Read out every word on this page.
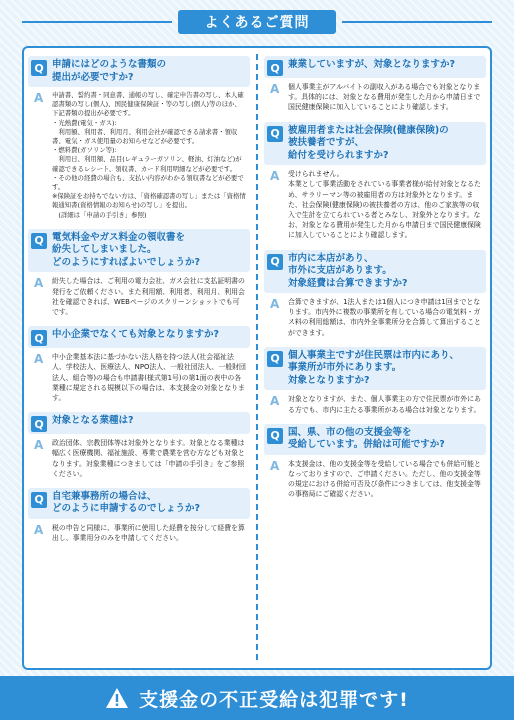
よくあるご質問
Q 申請にはどのような書類の
提出が必要ですか?
A 申請書、誓約書・同意書、通帳の写し、確定申告書の写し、本人確認書類の写し(個人)、国民健康保険証・等の写し(個人)等のほか、下記書類の提出が必要です。
・光熱費(電気・ガス):
　利用額、利用者、利用月、利用会社が確認できる請求書・領収書、電気・ガス使用量のお知らせなどが必要です。
・燃料費(ガソリン等):
　利用日、利用額、品目(レギュラーガソリン、軽油、灯油など)が確認できるレシート、領収書、カード利用明細などが必要です。
・その他の経費の場合も、支払い内容がわかる領収書などが必要です。
※保険証をお持ちでない方は、「資格確認書の写し」または「資格情報通知書(資格情報のお知らせ)の写し」を提出。
　(詳細は「申請の手引き」参照)
Q 電気料金やガス料金の領収書を
紛失してしまいました。
どのようにすればよいでしょうか?
A 紛失した場合は、ご利用の電力会社、ガス会社に支払証明書の発行をご依頼ください。また利用額、利用者、利用月、利用会社を確認できれば、WEBページのスクリーンショットでも可です。
Q 中小企業でなくても対象となりますか?
A 中小企業基本法に基づかない法人格を持つ法人(社会福祉法人、学校法人、医療法人、NPO法人、一般社団法人、一般財団法人、組合等)の場合も申請書(様式第1号)の第1面の表中の各業種に規定される規模以下の場合は、本支援金の対象となります。
Q 対象となる業種は?
A 政治団体、宗教団体等は対象外となります。対象となる業種は幅広く医療機関、福祉施設、専業で農業を営む方なども対象となります。対象業種につきましては「申請の手引き」をご参照ください。
Q 自宅兼事務所の場合は、
どのように申請するのでしょうか?
A 税の申告と同様に、事業所に使用した経費を按分して経費を算出し、事業用分のみを申請してください。
Q 兼業していますが、対象となりますか?
A 個人事業主がアルバイトの副収入がある場合でも対象となります。具体的には、対象となる費用が発生した月から申請日まで国民健康保険に加入していることにより確認します。
Q 被雇用者または社会保険(健康保険)の
被扶養者ですが、
給付を受けられますか?
A 受けられません。
本業として事業活動をされている事業者様が給付対象となるため、サラリーマン等の被雇用者の方は対象外となります。また、社会保険(健康保険)の被扶養者の方は、他のご家族等の収入で生計を立てられている者とみなし、対象外となります。なお、対象となる費用が発生した月から申請日まで国民健康保険に加入していることにより確認します。
Q 市内に本店があり、
市外に支店があります。
対象経費は合算できますか?
A 合算できますが、1法人または1個人につき申請は1回までとなります。市内外に複数の事業所を有している場合の電気料・ガス料の利用総額は、市内外全事業所分を合算して算出することができます。
Q 個人事業主ですが住民票は市内にあり、
事業所が市外にあります。
対象となりますか?
A 対象となりますが、また、個人事業主の方で住民票が市外にある方でも、市内に主たる事業所がある場合は対象となります。
Q 国、県、市の他の支援金等を
受給しています。併給は可能ですか?
A 本支援金は、他の支援金等を受給している場合でも併給可能となっておりますので、ご申請ください。ただし、他の支援金等の規定における併給可否及び条件につきましては、他支援金等の事務局にご確認ください。
支援金の不正受給は犯罪です!
